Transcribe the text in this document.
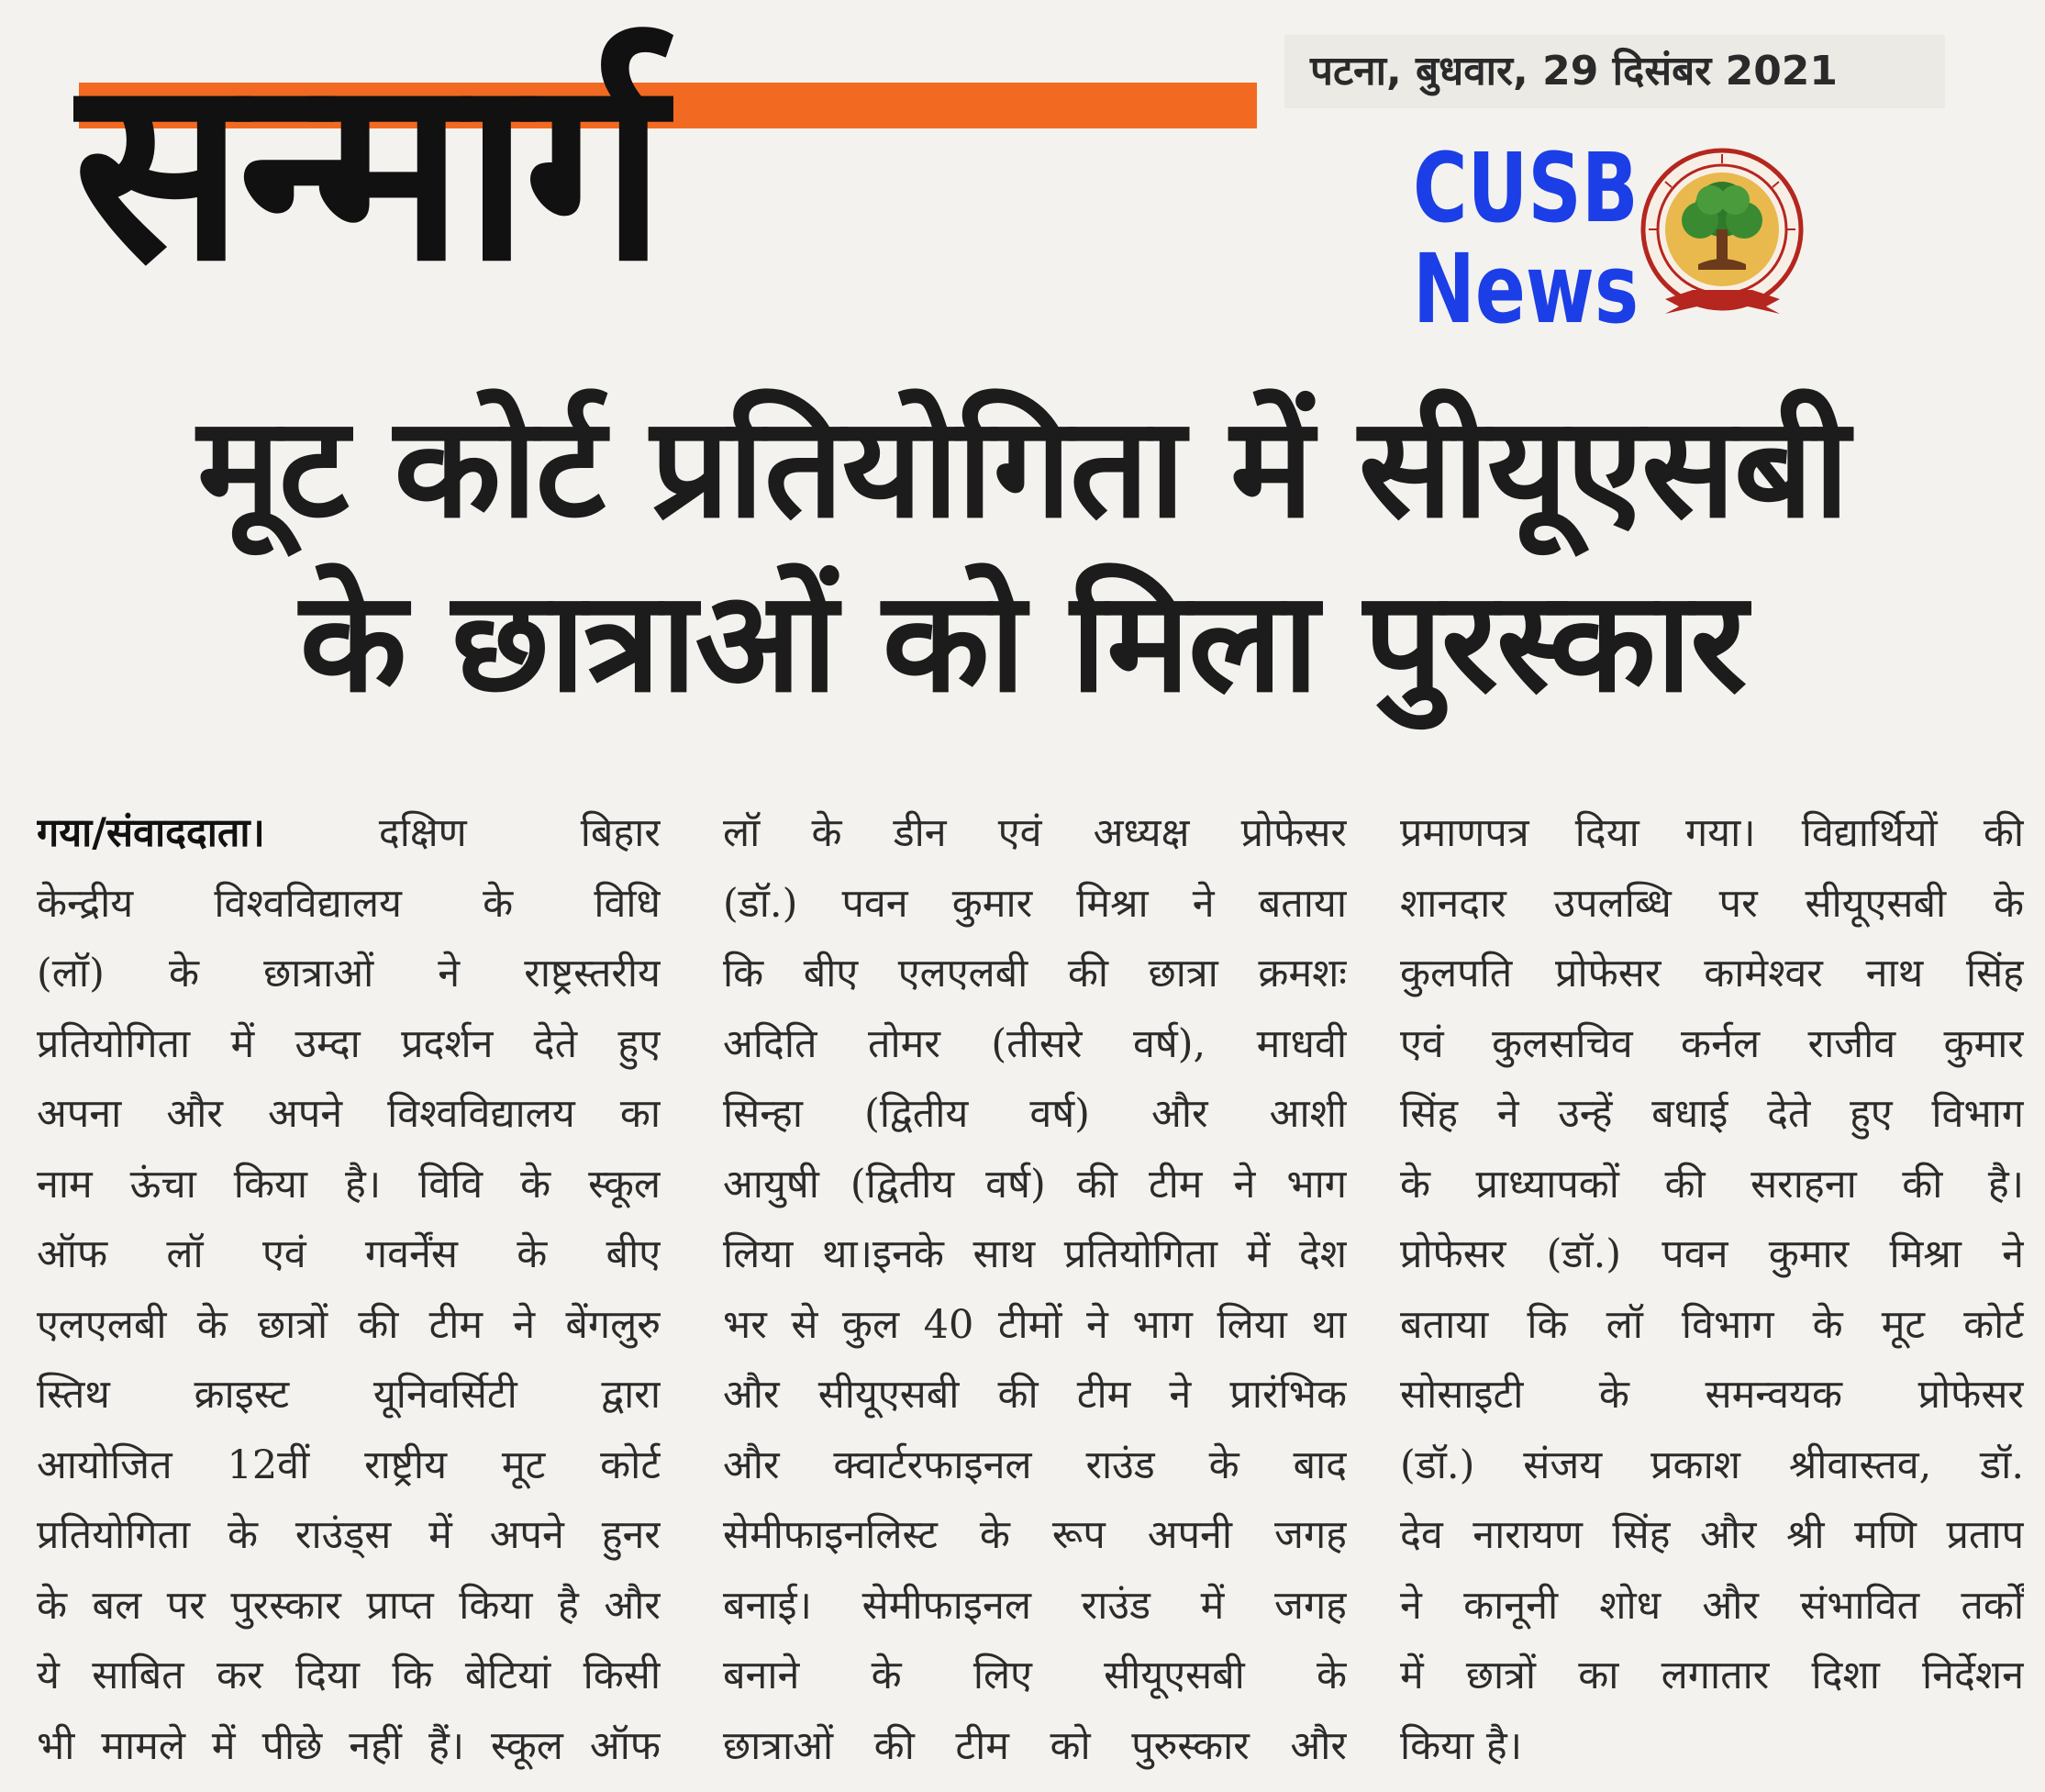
सन्मार्ग	पटना, बुधवार, 29 दिसंबर 2021
CUSB
News
मूट कोर्ट प्रतियोगिता में सीयूएसबी
के छात्राओं को मिला पुरस्कार
गया/संवाददाता। दक्षिण बिहार
केन्द्रीय विश्वविद्यालय के विधि
(लॉ) के छात्राओं ने राष्ट्रस्तरीय
प्रतियोगिता में उम्दा प्रदर्शन देते हुए
अपना और अपने विश्वविद्यालय का
नाम ऊंचा किया है। विवि के स्कूल
ऑफ लॉ एवं गवर्नेंस के बीए
एलएलबी के छात्रों की टीम ने बेंगलुरु
स्तिथ क्राइस्ट यूनिवर्सिटी द्वारा
आयोजित 12वीं राष्ट्रीय मूट कोर्ट
प्रतियोगिता के राउंड्स में अपने हुनर
के बल पर पुरस्कार प्राप्त किया है और
ये साबित कर दिया कि बेटियां किसी
भी मामले में पीछे नहीं हैं। स्कूल ऑफ
लॉ के डीन एवं अध्यक्ष प्रोफेसर
(डॉ.) पवन कुमार मिश्रा ने बताया
कि बीए एलएलबी की छात्रा क्रमशः
अदिति तोमर (तीसरे वर्ष), माधवी
सिन्हा (द्वितीय वर्ष) और आशी
आयुषी (द्वितीय वर्ष) की टीम ने भाग
लिया था।इनके साथ प्रतियोगिता में देश
भर से कुल 40 टीमों ने भाग लिया था
और सीयूएसबी की टीम ने प्रारंभिक
और क्वार्टरफाइनल राउंड के बाद
सेमीफाइनलिस्ट के रूप अपनी जगह
बनाई। सेमीफाइनल राउंड में जगह
बनाने के लिए सीयूएसबी के
छात्राओं की टीम को पुरुस्कार और
प्रमाणपत्र दिया गया। विद्यार्थियों की
शानदार उपलब्धि पर सीयूएसबी के
कुलपति प्रोफेसर कामेश्वर नाथ सिंह
एवं कुलसचिव कर्नल राजीव कुमार
सिंह ने उन्हें बधाई देते हुए विभाग
के प्राध्यापकों की सराहना की है।
प्रोफेसर (डॉ.) पवन कुमार मिश्रा ने
बताया कि लॉ विभाग के मूट कोर्ट
सोसाइटी के समन्वयक प्रोफेसर
(डॉ.) संजय प्रकाश श्रीवास्तव, डॉ.
देव नारायण सिंह और श्री मणि प्रताप
ने कानूनी शोध और संभावित तर्कों
में छात्रों का लगातार दिशा निर्देशन
किया है।
